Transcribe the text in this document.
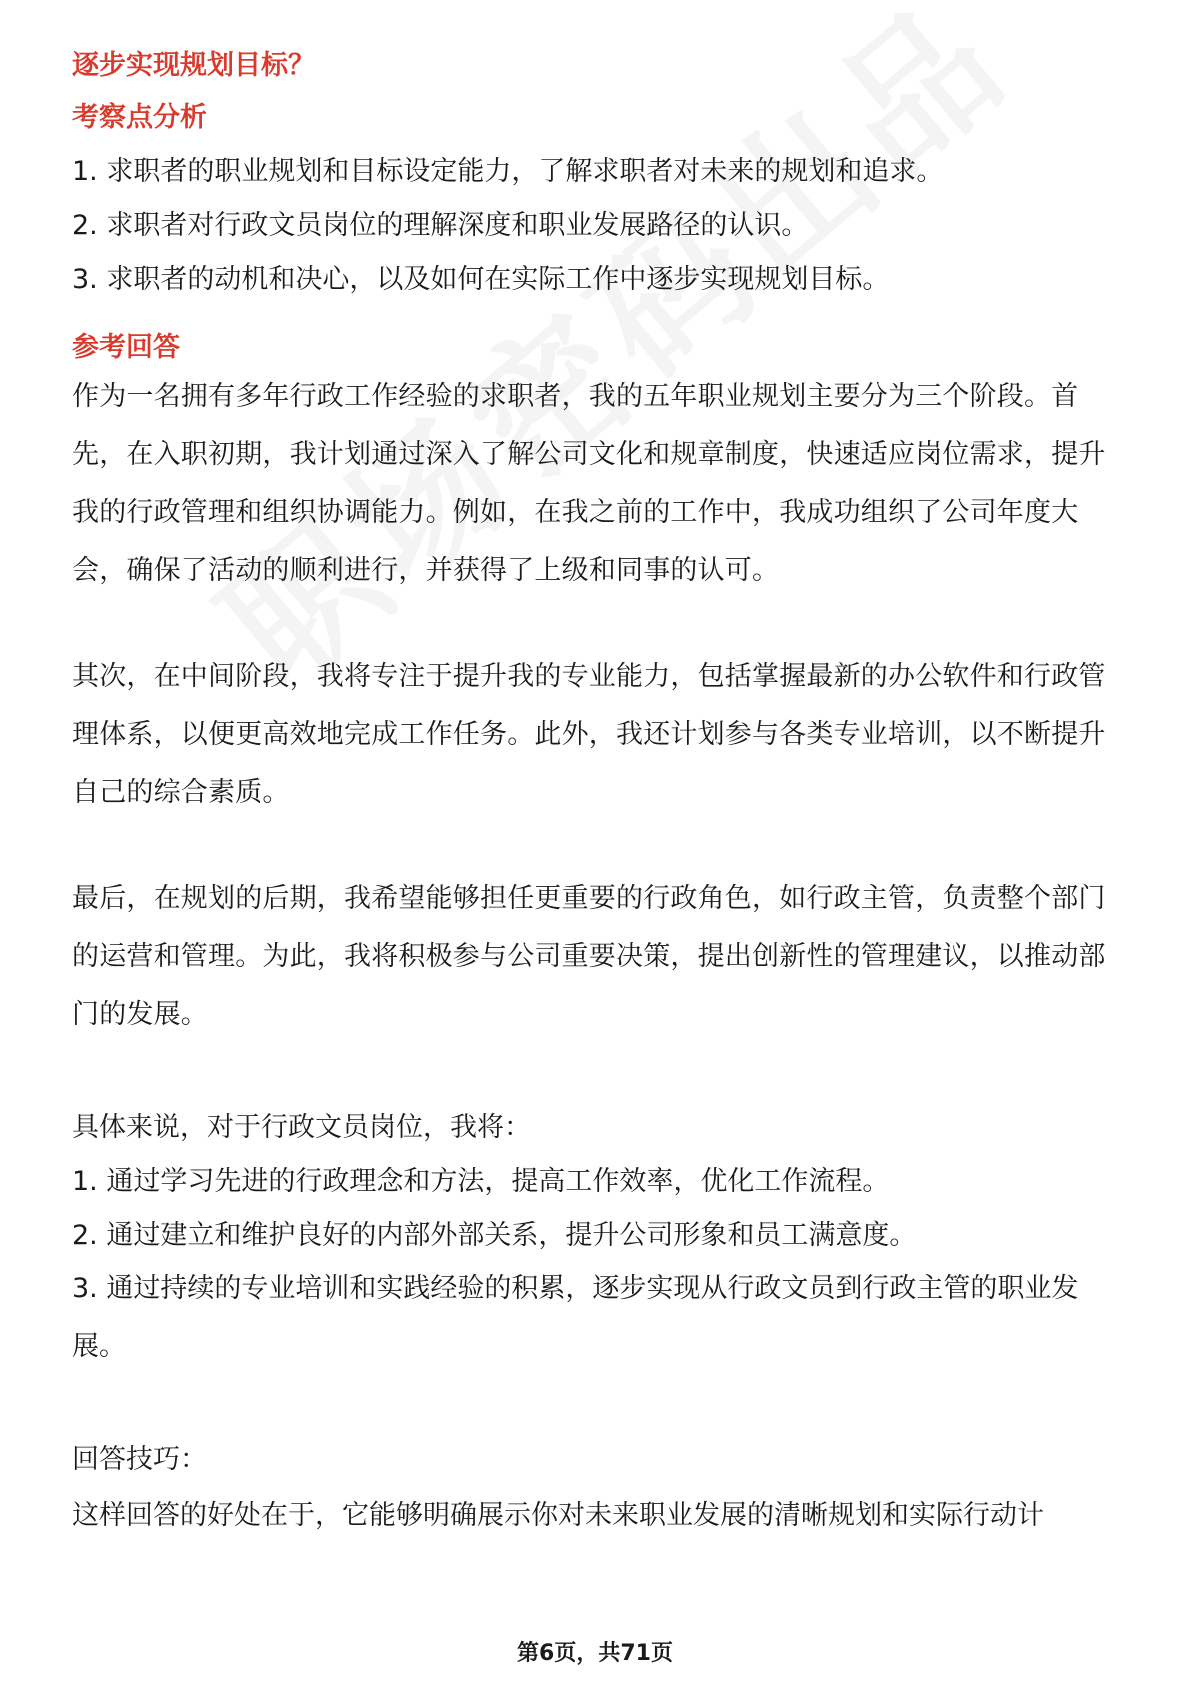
逐步实现规划目标？

考察点分析

1. 求职者的职业规划和目标设定能力，了解求职者对未来的规划和追求。

2. 求职者对行政文员岗位的理解深度和职业发展路径的认识。

3. 求职者的动机和决心，以及如何在实际工作中逐步实现规划目标。

参考回答

作为一名拥有多年行政工作经验的求职者，我的五年职业规划主要分为三个阶段。首先，在入职初期，我计划通过深入了解公司文化和规章制度，快速适应岗位需求，提升我的行政管理和组织协调能力。例如，在我之前的工作中，我成功组织了公司年度大会，确保了活动的顺利进行，并获得了上级和同事的认可。

其次，在中间阶段，我将专注于提升我的专业能力，包括掌握最新的办公软件和行政管理体系，以便更高效地完成工作任务。此外，我还计划参与各类专业培训，以不断提升自己的综合素质。

最后，在规划的后期，我希望能够担任更重要的行政角色，如行政主管，负责整个部门的运营和管理。为此，我将积极参与公司重要决策，提出创新性的管理建议，以推动部门的发展。

具体来说，对于行政文员岗位，我将：

1. 通过学习先进的行政理念和方法，提高工作效率，优化工作流程。

2. 通过建立和维护良好的内部外部关系，提升公司形象和员工满意度。

3. 通过持续的专业培训和实践经验的积累，逐步实现从行政文员到行政主管的职业发展。

回答技巧：

这样回答的好处在于，它能够明确展示你对未来职业发展的清晰规划和实际行动计

第6页，共71页
